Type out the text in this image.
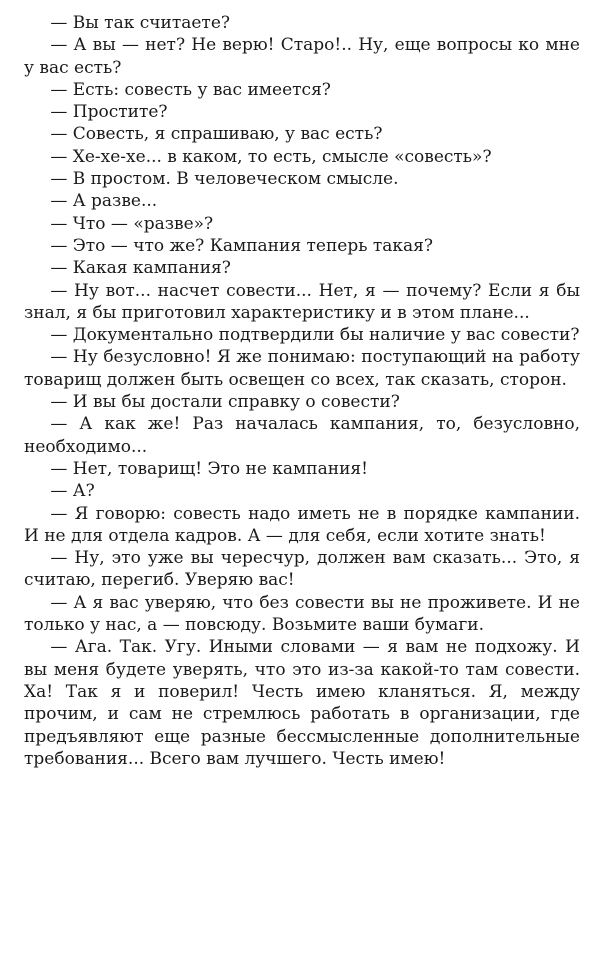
— Вы так считаете?

— А вы — нет? Не верю! Старо!.. Ну, еще вопросы ко мне у вас есть?

— Есть: совесть у вас имеется?

— Простите?

— Совесть, я спрашиваю, у вас есть?

— Хе-хе-хе... в каком, то есть, смысле «совесть»?

— В простом. В человеческом смысле.

— А разве...

— Что — «разве»?

— Это — что же? Кампания теперь такая?

— Какая кампания?

— Ну вот... насчет совести... Нет, я — почему? Если я бы знал, я бы приготовил характеристику и в этом плане...

— Документально подтвердили бы наличие у вас совести?

— Ну безусловно! Я же понимаю: поступающий на работу товарищ должен быть освещен со всех, так сказать, сторон.

— И вы бы достали справку о совести?

— А как же! Раз началась кампания, то, безусловно, необходимо...

— Нет, товарищ! Это не кампания!

— А?

— Я говорю: совесть надо иметь не в порядке кампании. И не для отдела кадров. А — для себя, если хотите знать!

— Ну, это уже вы чересчур, должен вам сказать... Это, я считаю, перегиб. Уверяю вас!

— А я вас уверяю, что без совести вы не проживете. И не только у нас, а — повсюду. Возьмите ваши бумаги.

— Ага. Так. Угу. Иными словами — я вам не подхожу. И вы меня будете уверять, что это из-за какой-то там совести. Ха! Так я и поверил! Честь имею кланяться. Я, между прочим, и сам не стремлюсь работать в организации, где предъявляют еще разные бессмысленные дополнительные требования... Всего вам лучшего. Честь имею!
